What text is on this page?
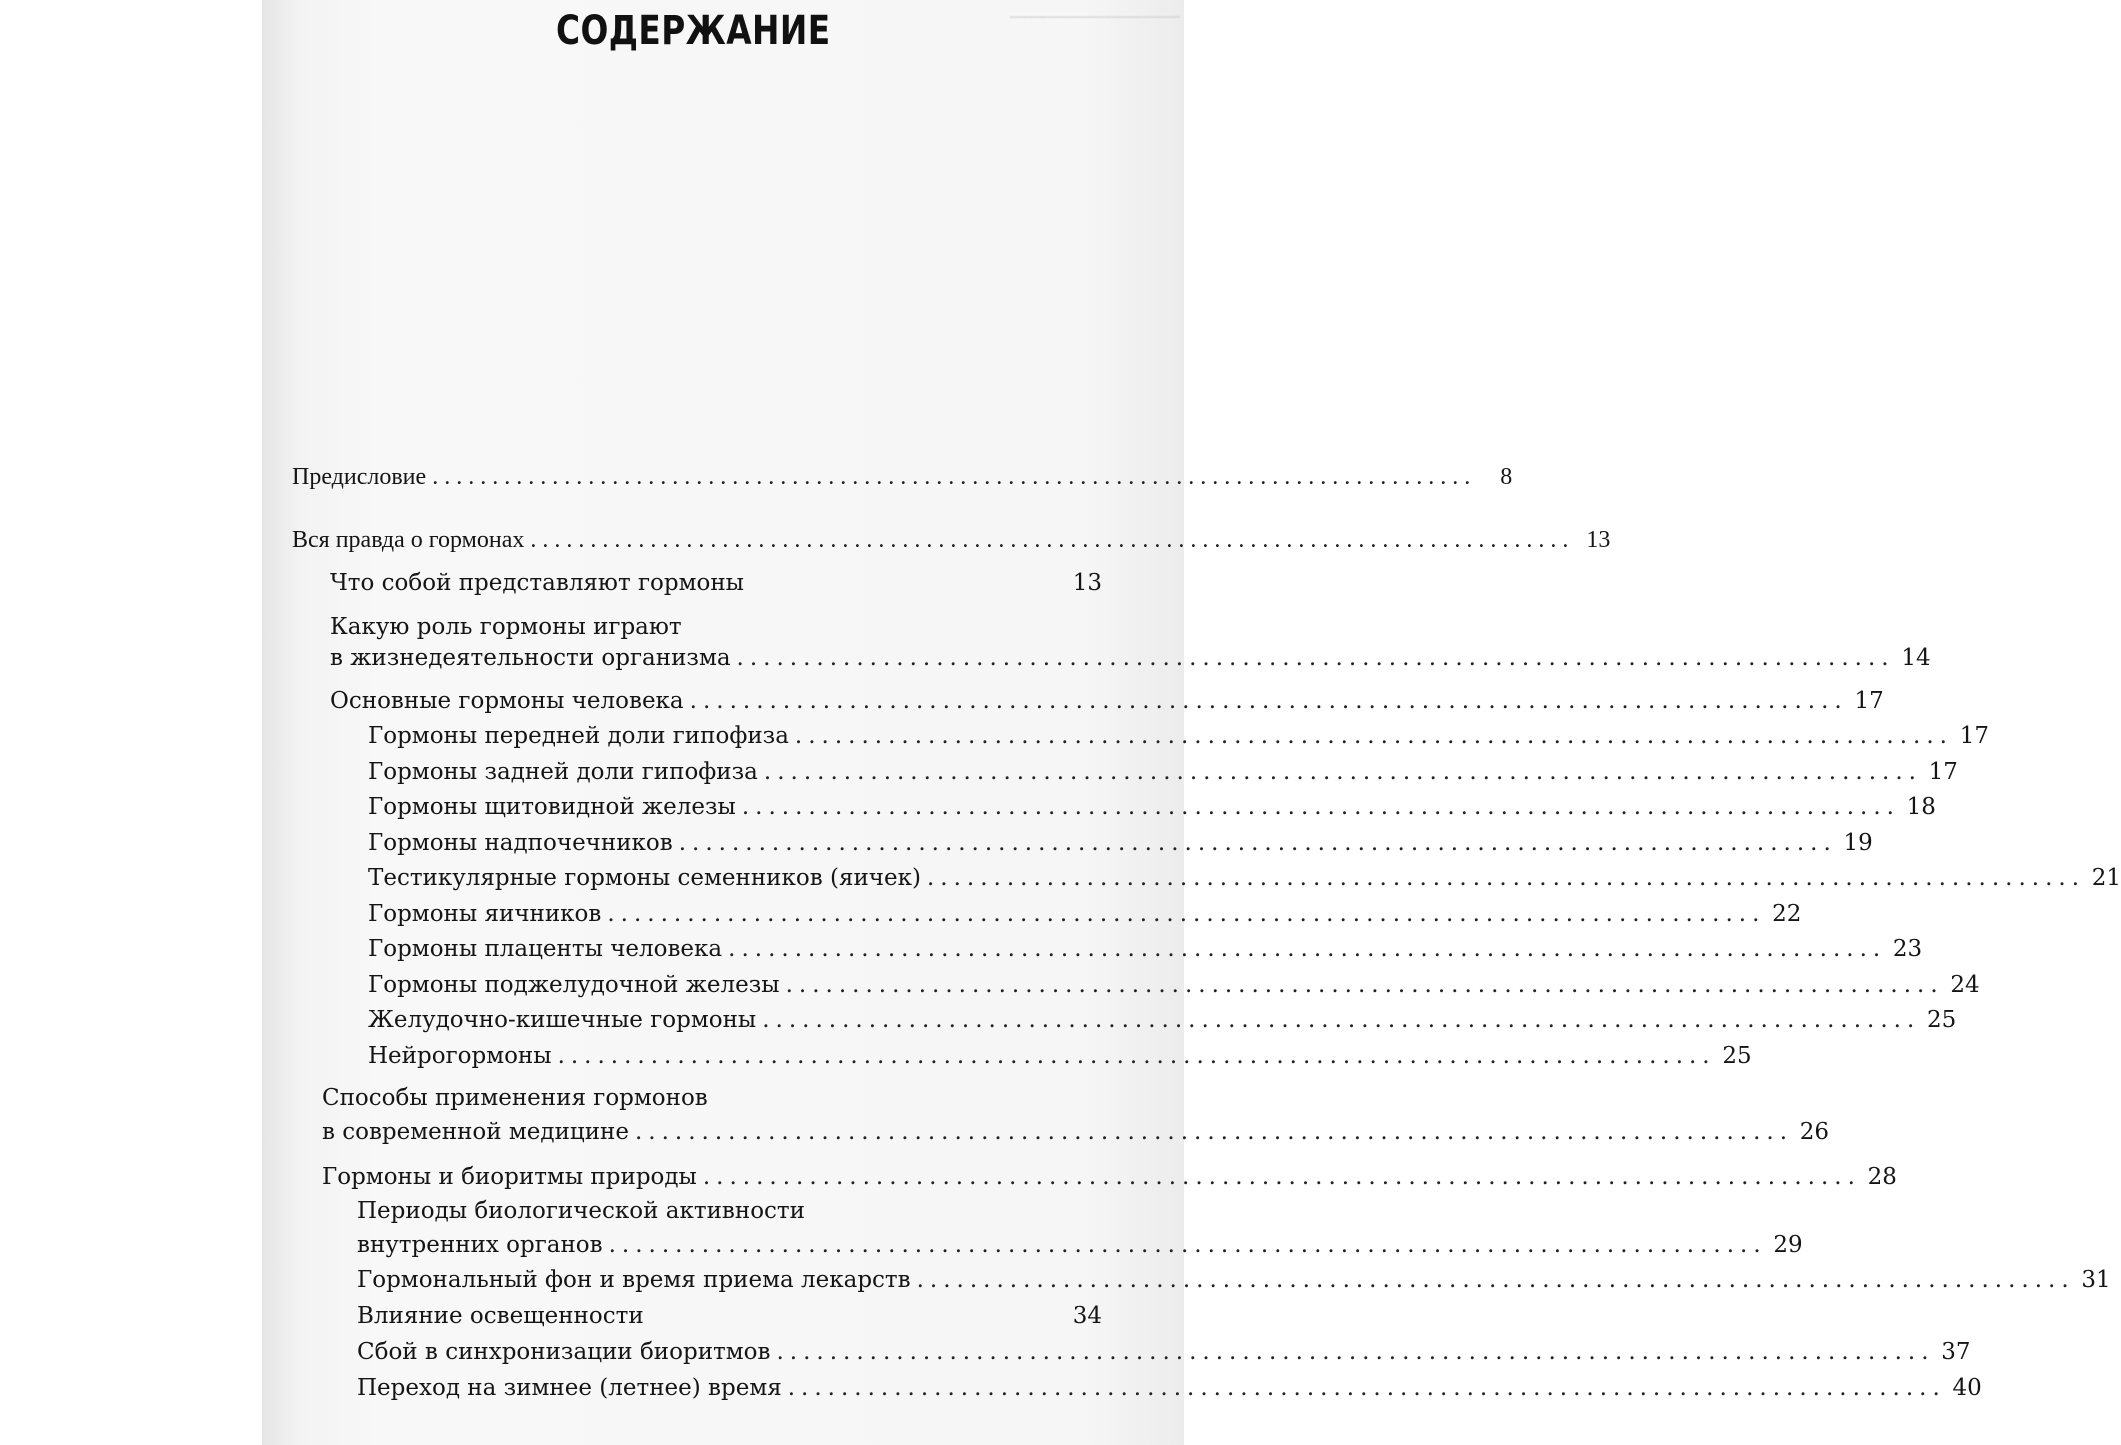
─────────
СОДЕРЖАНИЕ
Предисловие .......................................................................................	8
Вся правда о гормонах ....................................................................................... 13
Что собой представляют гормоны	13
Какую роль гормоны играют
в жизнедеятельности организма ....................................................................................... 14
Основные гормоны человека ....................................................................................... 17
Гормоны передней доли гипофиза ....................................................................................... 17
Гормоны задней доли гипофиза ....................................................................................... 17
Гормоны щитовидной железы ....................................................................................... 18
Гормоны надпочечников ....................................................................................... 19
Тестикулярные гормоны семенников (яичек) ....................................................................................... 21
Гормоны яичников ....................................................................................... 22
Гормоны плаценты человека ....................................................................................... 23
Гормоны поджелудочной железы ....................................................................................... 24
Желудочно-кишечные гормоны ....................................................................................... 25
Нейрогормоны ....................................................................................... 25
Способы применения гормонов
в современной медицине ....................................................................................... 26
Гормоны и биоритмы природы ....................................................................................... 28
Периоды биологической активности
внутренних органов ....................................................................................... 29
Гормональный фон и время приема лекарств ....................................................................................... 31
Влияние освещенности	34
Сбой в синхронизации биоритмов ....................................................................................... 37
Переход на зимнее (летнее) время ....................................................................................... 40
